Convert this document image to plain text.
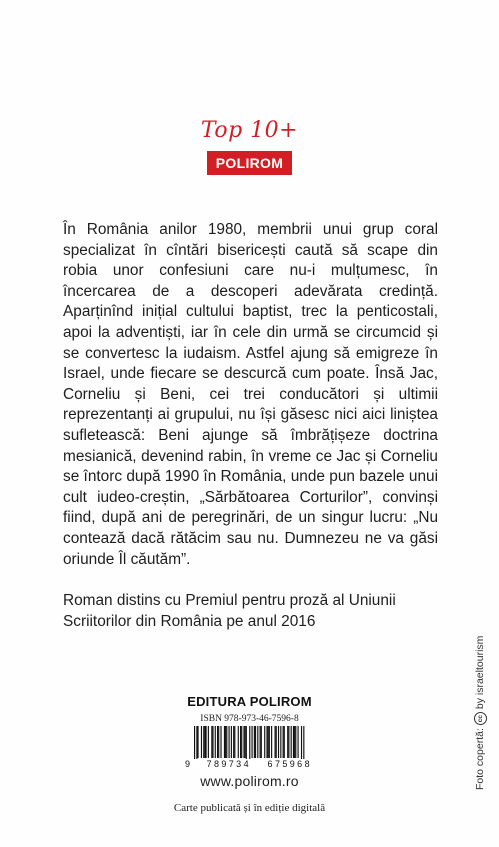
Top 10+
POLIROM

În România anilor 1980, membrii unui grup coral specializat în cîntări bisericești caută să scape din robia unor confesiuni care nu-i mulțumesc, în încercarea de a descoperi adevărata credință. Aparținînd inițial cultului baptist, trec la penticostali, apoi la adventiști, iar în cele din urmă se circumcid și se convertesc la iudaism. Astfel ajung să emigreze în Israel, unde fiecare se descurcă cum poate. Însă Jac, Corneliu și Beni, cei trei conducători și ultimii reprezentanți ai grupului, nu își găsesc nici aici liniștea sufletească: Beni ajunge să îmbrățișeze doctrina mesianică, devenind rabin, în vreme ce Jac și Corneliu se întorc după 1990 în România, unde pun bazele unui cult iudeo-creștin, „Sărbătoarea Corturilor”, convinși fiind, după ani de peregrinări, de un singur lucru: „Nu contează dacă rătăcim sau nu. Dumnezeu ne va găsi oriunde Îl căutăm”.

Roman distins cu Premiul pentru proză al Uniunii Scriitorilor din România pe anul 2016

EDITURA POLIROM
ISBN 978-973-46-7596-8
9 789734 675968
www.polirom.ro
Carte publicată și în ediție digitală
Foto copertă:
cc
by israeltourism
